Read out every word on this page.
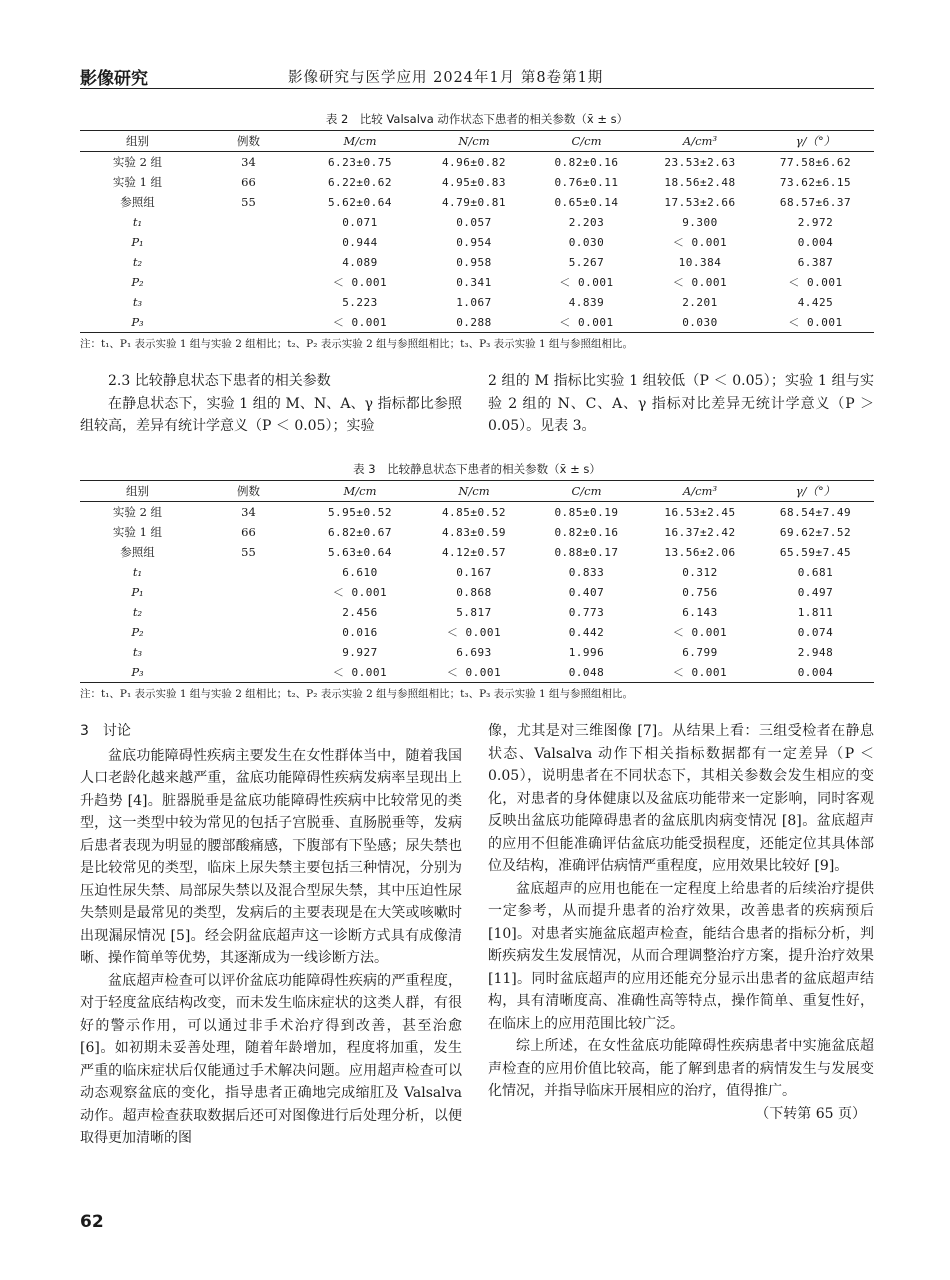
影像研究	影像研究与医学应用 2024年1月 第8卷第1期
表 2　比较 Valsalva 动作状态下患者的相关参数（x̄ ± s）
组别	例数	M/cm	N/cm	C/cm	A/cm³	γ/（°）
实验 2 组	34	6.23±0.75	4.96±0.82	0.82±0.16	23.53±2.63	77.58±6.62
实验 1 组	66	6.22±0.62	4.95±0.83	0.76±0.11	18.56±2.48	73.62±6.15
参照组	55	5.62±0.64	4.79±0.81	0.65±0.14	17.53±2.66	68.57±6.37
t₁		0.071	0.057	2.203	9.300	2.972
P₁		0.944	0.954	0.030	＜ 0.001	0.004
t₂		4.089	0.958	5.267	10.384	6.387
P₂		＜ 0.001	0.341	＜ 0.001	＜ 0.001	＜ 0.001
t₃		5.223	1.067	4.839	2.201	4.425
P₃		＜ 0.001	0.288	＜ 0.001	0.030	＜ 0.001
注：t₁、P₁ 表示实验 1 组与实验 2 组相比；t₂、P₂ 表示实验 2 组与参照组相比；t₃、P₃ 表示实验 1 组与参照组相比。

2.3 比较静息状态下患者的相关参数

在静息状态下，实验 1 组的 M、N、A、γ 指标都比参照组较高，差异有统计学意义（P ＜ 0.05）；实验

2 组的 M 指标比实验 1 组较低（P ＜ 0.05）；实验 1 组与实验 2 组的 N、C、A、γ 指标对比差异无统计学意义（P ＞ 0.05）。见表 3。

表 3　比较静息状态下患者的相关参数（x̄ ± s）
组别	例数	M/cm	N/cm	C/cm	A/cm³	γ/（°）
实验 2 组	34	5.95±0.52	4.85±0.52	0.85±0.19	16.53±2.45	68.54±7.49
实验 1 组	66	6.82±0.67	4.83±0.59	0.82±0.16	16.37±2.42	69.62±7.52
参照组	55	5.63±0.64	4.12±0.57	0.88±0.17	13.56±2.06	65.59±7.45
t₁		6.610	0.167	0.833	0.312	0.681
P₁		＜ 0.001	0.868	0.407	0.756	0.497
t₂		2.456	5.817	0.773	6.143	1.811
P₂		0.016	＜ 0.001	0.442	＜ 0.001	0.074
t₃		9.927	6.693	1.996	6.799	2.948
P₃		＜ 0.001	＜ 0.001	0.048	＜ 0.001	0.004
注：t₁、P₁ 表示实验 1 组与实验 2 组相比；t₂、P₂ 表示实验 2 组与参照组相比；t₃、P₃ 表示实验 1 组与参照组相比。
3　讨论

盆底功能障碍性疾病主要发生在女性群体当中，随着我国人口老龄化越来越严重，盆底功能障碍性疾病发病率呈现出上升趋势 [4]。脏器脱垂是盆底功能障碍性疾病中比较常见的类型，这一类型中较为常见的包括子宫脱垂、直肠脱垂等，发病后患者表现为明显的腰部酸痛感，下腹部有下坠感；尿失禁也是比较常见的类型，临床上尿失禁主要包括三种情况，分别为压迫性尿失禁、局部尿失禁以及混合型尿失禁，其中压迫性尿失禁则是最常见的类型，发病后的主要表现是在大笑或咳嗽时出现漏尿情况 [5]。经会阴盆底超声这一诊断方式具有成像清晰、操作简单等优势，其逐渐成为一线诊断方法。

盆底超声检查可以评价盆底功能障碍性疾病的严重程度，对于轻度盆底结构改变，而未发生临床症状的这类人群，有很好的警示作用，可以通过非手术治疗得到改善，甚至治愈 [6]。如初期未妥善处理，随着年龄增加，程度将加重，发生严重的临床症状后仅能通过手术解决问题。应用超声检查可以动态观察盆底的变化，指导患者正确地完成缩肛及 Valsalva 动作。超声检查获取数据后还可对图像进行后处理分析，以便取得更加清晰的图

像，尤其是对三维图像 [7]。从结果上看：三组受检者在静息状态、Valsalva 动作下相关指标数据都有一定差异（P ＜ 0.05），说明患者在不同状态下，其相关参数会发生相应的变化，对患者的身体健康以及盆底功能带来一定影响，同时客观反映出盆底功能障碍患者的盆底肌肉病变情况 [8]。盆底超声的应用不但能准确评估盆底功能受损程度，还能定位其具体部位及结构，准确评估病情严重程度，应用效果比较好 [9]。

盆底超声的应用也能在一定程度上给患者的后续治疗提供一定参考，从而提升患者的治疗效果，改善患者的疾病预后 [10]。对患者实施盆底超声检查，能结合患者的指标分析，判断疾病发生发展情况，从而合理调整治疗方案，提升治疗效果 [11]。同时盆底超声的应用还能充分显示出患者的盆底超声结构，具有清晰度高、准确性高等特点，操作简单、重复性好，在临床上的应用范围比较广泛。

综上所述，在女性盆底功能障碍性疾病患者中实施盆底超声检查的应用价值比较高，能了解到患者的病情发生与发展变化情况，并指导临床开展相应的治疗，值得推广。

（下转第 65 页）

62
